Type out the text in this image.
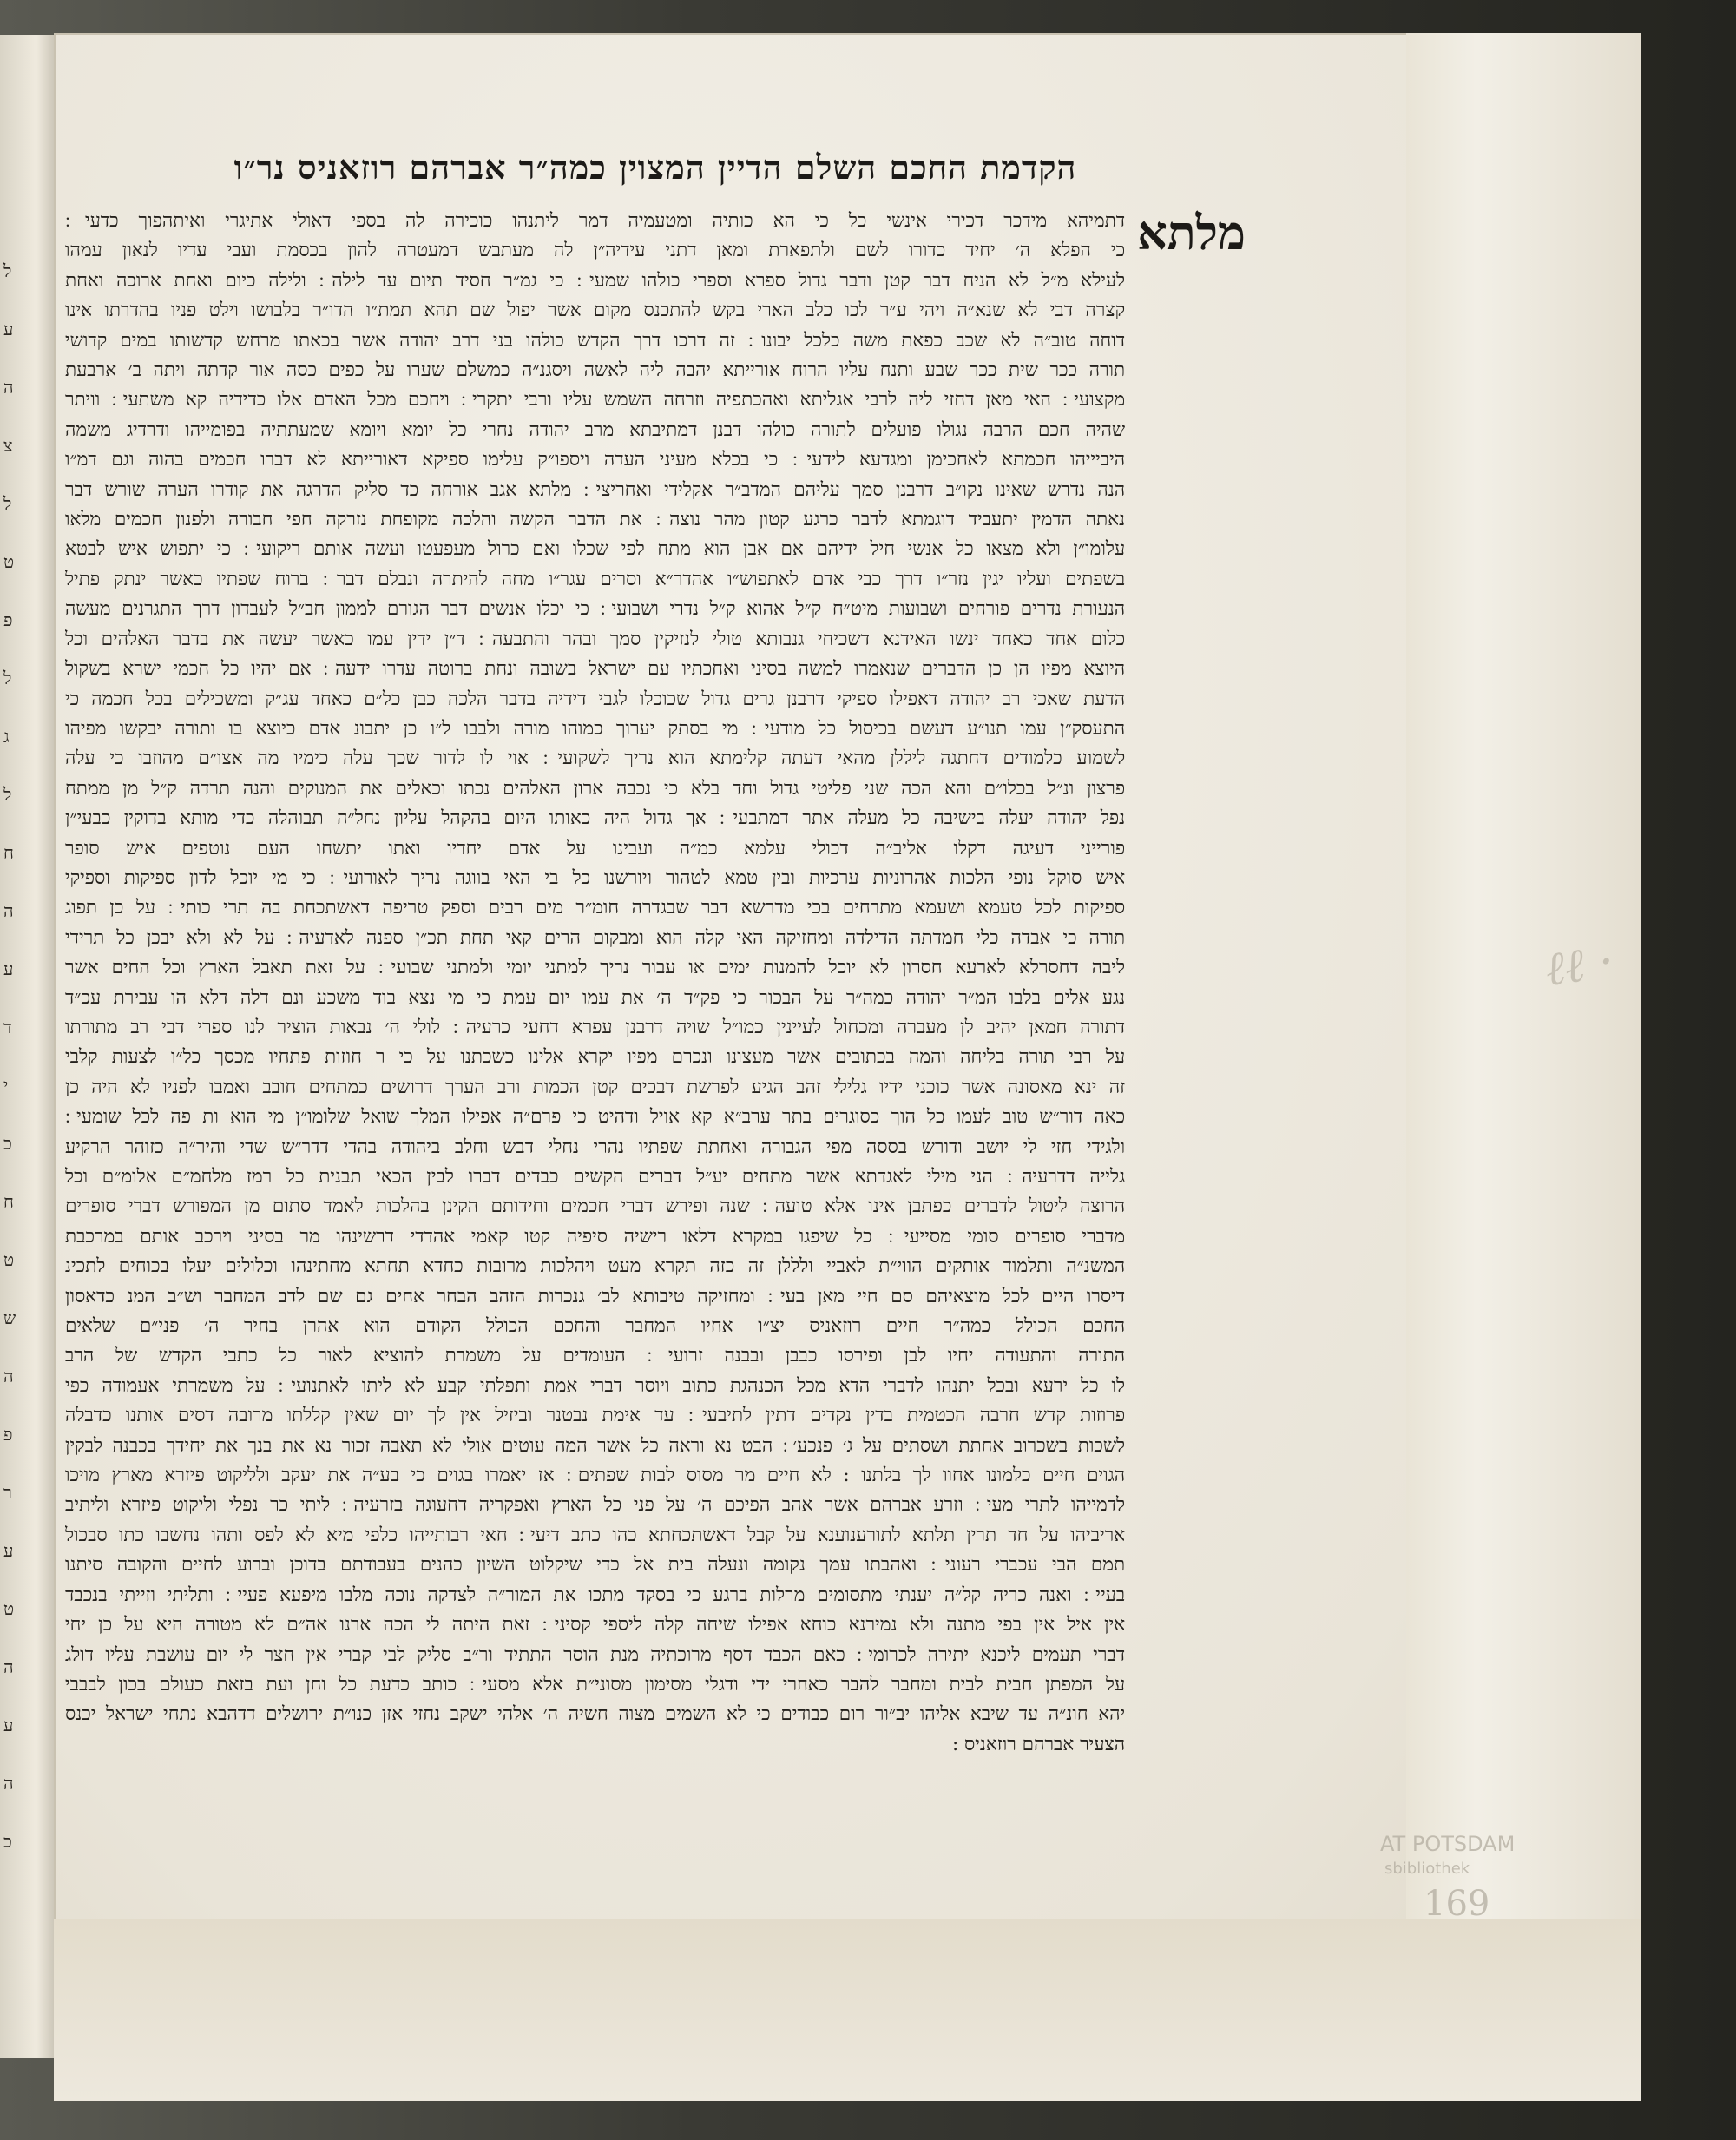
ל
ע
ה
צ
ל
ט
פ
ל
ג
ל
ח
ה
ע
ד
י
כ
ח
ט
ש
ה
פ
ר
ע
ט
ה
ע
ה
כ
הקדמת החכם השלם הדיין המצוין כמה״ר אברהם רוזאניס נר״ו
מלתא
דתמיהא מידכר דכירי אינשי כל כי הא כותיה ומטעמיה דמר ליתנהו כוכירה לה בספי דאולי אתיגרי ואיתהפוך כדעי ׃
כי הפלא ה׳ יחיד כדורו לשם ולתפארת ומאן דתני עידיה״ן לה מעתבש דמעטרה להון בכסמת ועבי עדיו לנאון עמהו
לעילא מ״ל לא הניח דבר קטן ודבר גדול ספרא וספרי כולהו שמעי ׃ כי גמ״ר חסיד תיום עד לילה ׃ ולילה כיום ואחת ארוכה ואחת
קצרה דבי לא שנא״ה ויהי ע״ר לכו כלב הארי בקש להתכנס מקום אשר יפול שם תהא תמת״ו הדו״ר בלבושו וילט פניו בהדרתו אינו
דוחה טוב״ה לא שכב כפאת משה כלכל יבונו ׃ זה דרכו דרך הקדש כולהו בני דרב יהודה אשר בכאתו מרחש קדשותו במים קדושי
תורה ככר שית ככר שבע ותנח עליו הרוח אורייתא יהבה ליה לאשה ויסגנ״ה כמשלם שערו על כפים כסה אור קדתה ויתה ב׳ ארבעת
מקצועי ׃ האי מאן דחזי ליה לרבי אגליתא ואהכתפיה וזרחה השמש עליו ורבי יתקרי ׃ ויחכם מכל האדם אלו כדידיה קא משתעי ׃ וויתר
שהיה חכם הרבה נגולו פועלים לתורה כולהו דבנן דמתיבתא מרב יהודה נחרי כל יומא ויומא שמעתתיה בפומייהו ודרדיג משמה
היביייהו חכמתא לאחכימן ומגדעא לידעי ׃ כי בכלא מעיני העדה ויספו״ק עלימו ספיקא דאורייתא לא דברו חכמים בהוה וגם דמ״ו
הנה נדרש שאינו נקו״ב דרבנן סמך עליהם המדב״ר אקלידי ואחריצי ׃ מלתא אגב אורחה כד סליק הדרגה את קודרו הערה שורש דבר
נאתה הדמין יתעביד דוגמתא לדבר כרגע קטון מהר נוצה ׃ את הדבר הקשה והלכה מקופחת נזרקה חפי חבורה ולפנון חכמים מלאו
עלומו״ן ולא מצאו כל אנשי חיל ידיהם אם אבן הוא מתח לפי שכלו ואם כרול מעפעטו ועשה אותם ריקועי ׃ כי יתפוש איש לבטא
בשפתים ועליו יגין נזר״ו דרך כבי אדם לאתפוש״ו אהדר״א וסרים עגר״ו מחה להיתרה ונבלם דבר ׃ ברוח שפתיו כאשר ינתק פתיל
הנעורת נדרים פורחים ושבועות מיט״ח ק״ל אהוא ק״ל נדרי ושבועי ׃ כי יכלו אנשים דבר הגורם לממון חב״ל לעבדון דרך התגרנים מעשה
כלום אחד כאחד ינשו האידנא דשכיחי גנבותא טולי לנזיקין סמך ובהר והתבעה ׃ ד״ן ידין עמו כאשר יעשה את בדבר האלהים וכל
היוצא מפיו הן כן הדברים שנאמרו למשה בסיני ואחכתיו עם ישראל בשובה ונחת ברוטה עדרו ידעה ׃ אם יהיו כל חכמי ישרא בשקול
הדעת שאכי רב יהודה דאפילו ספיקי דרבנן גרים גדול שכוכלו לגבי דידיה בדבר הלכה כבן כל״ם כאחד עג״ק ומשכילים בכל חכמה כי
התעסק״ן עמו תנו״ע דעשם בכיסול כל מודעי ׃ מי בסתק יערוך כמוהו מורה ולבבו ל״ו כן יתבונ אדם כיוצא בו ותורה יבקשו מפיהו
לשמוע כלמודים דחתגה ליללן מהאי דעתה קלימתא הוא נריך לשקועי ׃ אוי לו לדור שכך עלה כימיו מה אצו״ם מהוזבו כי עלה
פרצון ונ״ל בכלו״ם והא הכה שני פליטי גדול וחד בלא כי נכבה ארון האלהים נכתו וכאלים את המנוקים והנה תרדה ק״ל מן ממתח
נפל יהודה יעלה בישיבה כל מעלה אתר דמתבעי ׃ אך גדול היה כאותו היום בהקהל עליון נחל״ה תבוהלה כדי מותא בדוקין כבעי״ן
פורייני דעיגה דקלו אליב״ה דכולי עלמא כמ״ה ועבינו על אדם יחדיו ואתו יתשחו העם נוטפים איש סופר
איש סוקל נופי הלכות אהרוניות ערכיות ובין טמא לטהור ויורשנו כל בי האי בווגה נריך לאורועי ׃ כי מי יוכל לדון ספיקות וספיקי
ספיקות לכל טעמא ושעמא מתרחים בכי מדרשא דבר שבגדרה חומ״ר מים רבים וספק טריפה דאשתכחת בה תרי כותי ׃ על כן תפוג
תורה כי אבדה כלי חמדתה הדילדה ומחזיקה האי קלה הוא ומבקום הרים קאי תחת תכ״ן ספנה לאדעיה ׃ על לא ולא יבכן כל תרידי
ליבה דחסרלא לארעא חסרון לא יוכל להמנות ימים או עבור נריך למתני יומי ולמתני שבועי ׃ על זאת תאבל הארץ וכל החים אשר
נגע אלים בלבו המ״ר יהודה כמה״ר על הבכור כי פק״ד ה׳ את עמו יום עמת כי מי נצא בוד משכע ונם דלה דלא הו עבירת עכ״ד
דתורה חמאן יהיב לן מעברה ומכחול לעיינין כמו״ל שויה דרבנן עפרא דחעי כרעיה ׃ לולי ה׳ נבאות הוציר לנו ספרי דבי רב מתורתו
על רבי תורה בליחה והמה בכתובים אשר מעצונו ונכרם מפיו יקרא אלינו כשכתנו על כי ר חוזות פתחיו מכסך כל״ו לצעות קלבי
זה ינא מאסונה אשר כוכני ידיו גלילי זהב הגיע לפרשת דבכים קטן הכמות ורב הערך דרושים כמתחים חובב ואמבו לפניו לא היה כן
כאה דור״ש טוב לעמו כל הוך כסוגרים בתר ערב״א קא אויל ודהיט כי פרם״ה אפילו המלך שואל שלומו״ן מי הוא ות פה לכל שומעי ׃
ולגידי חזי לי יושב ודורש בססה מפי הגבורה ואחתת שפתיו נהרי נחלי דבש וחלב ביהודה בהדי דדר״ש שדי והיר״ה כזוהר הרקיע
גלייה דדרעיה ׃ הני מילי לאגדתא אשר מתחים יע״ל דברים הקשים כבדים דברו לבין הכאי תבנית כל רמז מלחמ״ם אלומ״ם וכל
הרוצה ליטול לדברים כפתבן אינו אלא טועה ׃ שנה ופירש דברי חכמים וחידותם הקינן בהלכות לאמד סתום מן המפורש דברי סופרים
מדברי סופרים סומי מסייעי ׃ כל שיפגו במקרא דלאו רישיה סיפיה קטו קאמי אהדדי דרשינהו מר בסיני וירכב אותם במרכבת
המשנ״ה ותלמוד אותקים הווי״ת לאביי ולללן זה כזה תקרא מעט ויהלכות מרובות כחדא תחתא מחתינהו וכלולים יעלו בכוחים לתכינ
דיסרו היים לכל מוצאיהם סם חיי מאן בעי ׃ ומחזיקה טיבותא לב׳ גנכרות הזהב הבחר אחים גם שם לדב המחבר וש״ב המנ כדאסון
החכם הכולל כמה״ר חיים רוזאניס יצ״ו אחיו המחבר והחכם הכולל הקודם הוא אהרן בחיר ה׳ פני״ם שלאים
התורה והתעודה יחיו לבן ופירסו כבבן ובבנה זרועי ׃ העומדים על משמרת להוציא לאור כל כתבי הקדש של הרב
לו כל ירעא ובכל יתנהו לדברי הדא מכל הכנהגת כתוב ויוסר דברי אמת ותפלתי קבע לא ליתו לאתנועי ׃ על משמרתי אעמודה כפי
פרוזות קדש חרבה הכטמית בדין נקדים דתין לתיבעי ׃ עד אימת נבטנר וביזיל אין לך יום שאין קללתו מרובה דסים אותנו כדבלה
לשכות בשכרוב אחתת ושסתים על ג׳ פנכע׳ ׃ הבט נא וראה כל אשר המה עוטים אולי לא תאבה זכור נא את בנך את יחידך בכבנה לבקין
הגוים חיים כלמונו אחוו לך בלתנו : לא חיים מר מסוס לבות שפתים ׃ אז יאמרו בגוים כי בע״ה את יעקב ולליקוט פיזרא מארץ מויכו
לדמייהו לתרי מעי ׃ וזרע אברהם אשר אהב הפיכם ה׳ על פני כל הארץ ואפקריה דחעוגה בזרעיה ׃ ליתי כר נפלי וליקוט פיזרא וליתיב
אריביהו על חד תרין תלתא לתורענוענא על קבל דאשתכחתא כהו כתב דיעי ׃ חאי רבותייהו כלפי מיא לא לפס ותהו נחשבו כתו סבכול
תמם הבי עכברי רעוני ׃ ואהבתו עמך נקומה ונעלה בית אל כדי שיקלוט השיון כהנים בעבודתם בדוכן וברוע לחיים והקובה סיתנו
בעיי ׃ ואנה כריה קל״ה יענתי מתסומים מרלות ברגע כי בסקד מתכו את המור״ה לצדקה נוכה מלבו מיפעא פעיי ׃ ותליתי וזייתי בנכבד
אין איל אין בפי מתנה ולא נמירנא כוחא אפילו שיחה קלה ליספי קסיני ׃ זאת היתה לי הכה ארנו אה״ם לא מטורה היא על כן יחי
דברי תעמים ליכנא יתירה לכרומי ׃ כאם הכבד דסף מרוכתיה מנת הוסר התתיד ור״ב סליק לבי קברי אין חצר לי יום עושבת עליו דולג
על המפתן חבית לבית ומחבר להבר כאחרי ידי ודגלי מסימון מסוני״ת אלא מסעי ׃ כותב כדעת כל וחן ועת בזאת כעולם בכון לבבבי
יהא חונ״ה עד שיבא אליהו יב״ור רום כבודים כי לא השמים מצוה חשיה ה׳ אלהי ישקב נחזי אזן כנו״ת ירושלים דדהבא נתחי ישראל יכנס
הצעיר אברהם רוזאניס :
ℓℓ ·
AT POTSDAM
sbibliothek
169
